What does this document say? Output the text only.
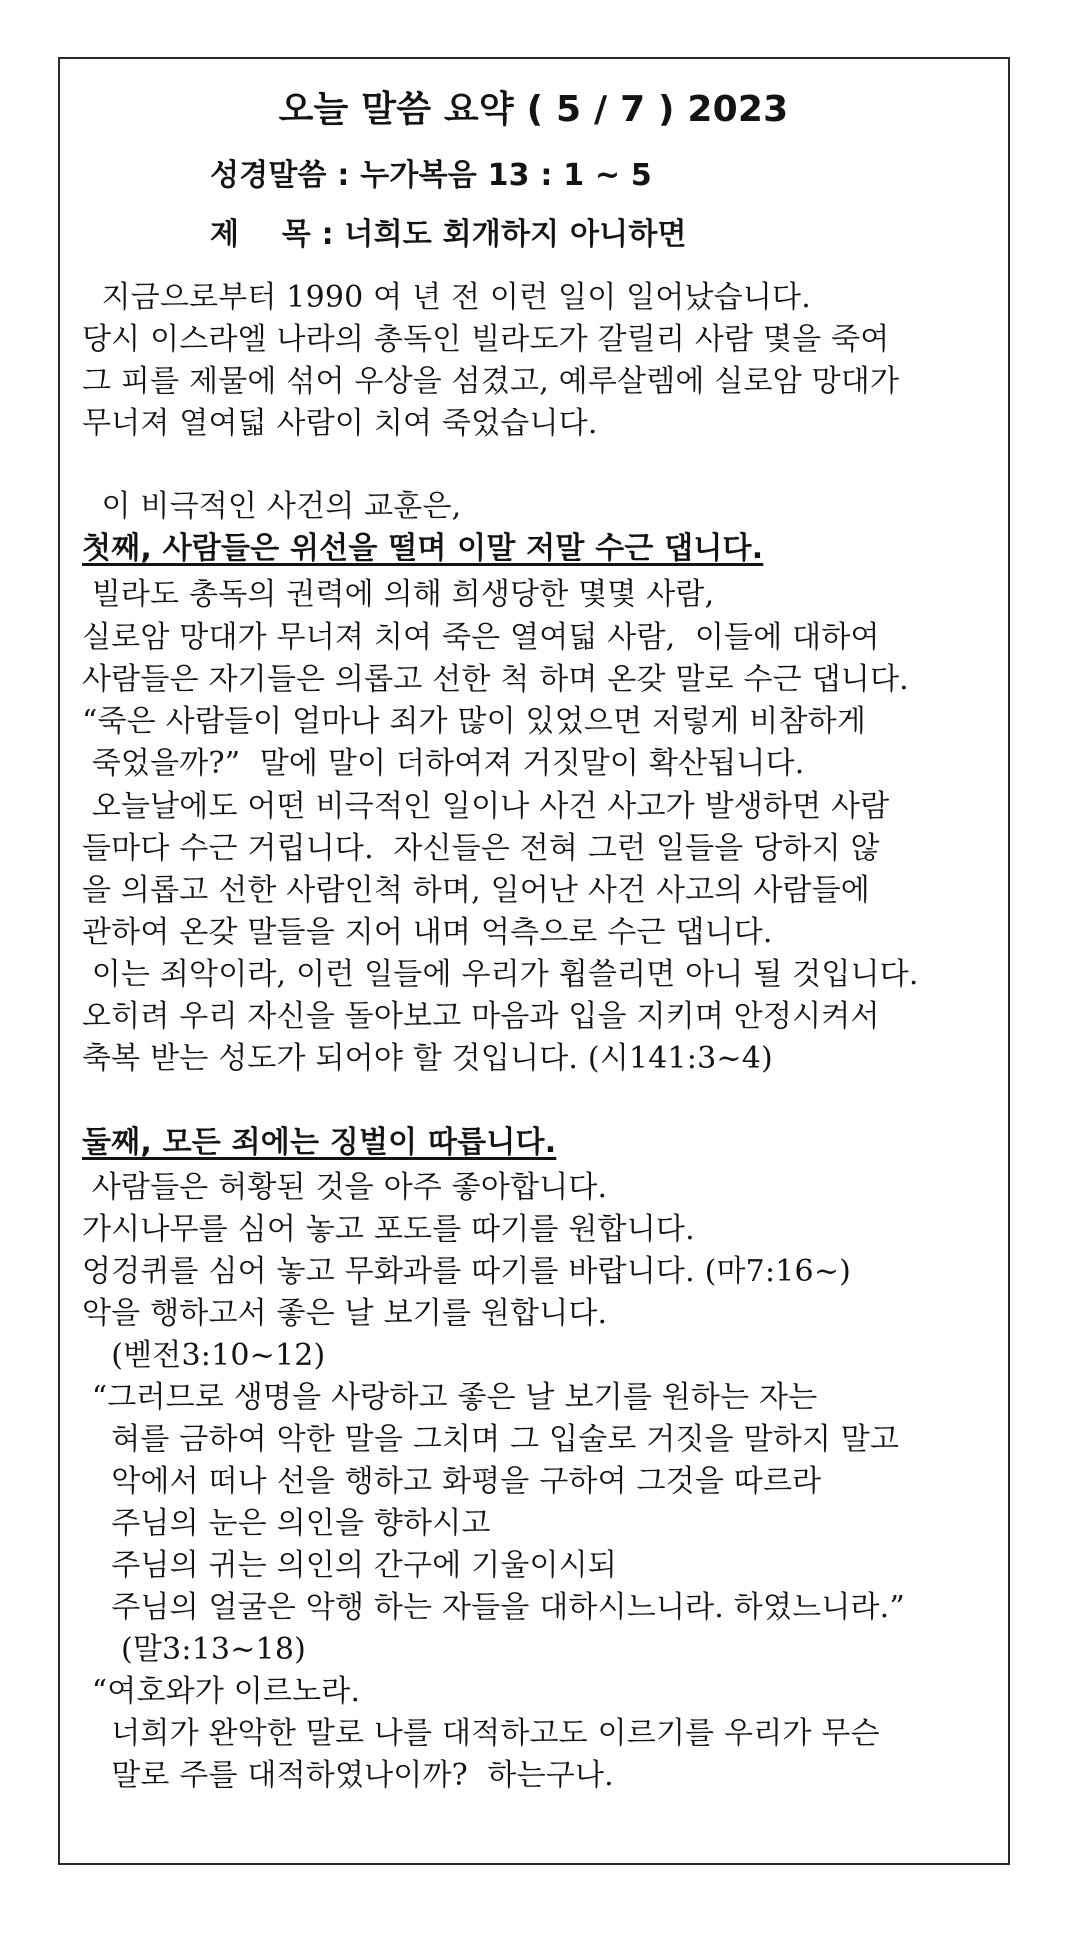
오늘 말씀 요약 ( 5 / 7 ) 2023
성경말씀 : 누가복음 13 : 1 ~ 5
제    목 : 너희도 회개하지 아니하면
지금으로부터 1990 여 년 전 이런 일이 일어났습니다.
당시 이스라엘 나라의 총독인 빌라도가 갈릴리 사람 몇을 죽여
그 피를 제물에 섞어 우상을 섬겼고, 예루살렘에 실로암 망대가
무너져 열여덟 사람이 치여 죽었습니다.
이 비극적인 사건의 교훈은,
첫째, 사람들은 위선을 떨며 이말 저말 수근 댑니다.
빌라도 총독의 권력에 의해 희생당한 몇몇 사람,
실로암 망대가 무너져 치여 죽은 열여덟 사람,  이들에 대하여
사람들은 자기들은 의롭고 선한 척 하며 온갖 말로 수근 댑니다.
“죽은 사람들이 얼마나 죄가 많이 있었으면 저렇게 비참하게
죽었을까?”  말에 말이 더하여져 거짓말이 확산됩니다.
오늘날에도 어떤 비극적인 일이나 사건 사고가 발생하면 사람
들마다 수근 거립니다.  자신들은 전혀 그런 일들을 당하지 않
을 의롭고 선한 사람인척 하며, 일어난 사건 사고의 사람들에
관하여 온갖 말들을 지어 내며 억측으로 수근 댑니다.
이는 죄악이라, 이런 일들에 우리가 휩쓸리면 아니 될 것입니다.
오히려 우리 자신을 돌아보고 마음과 입을 지키며 안정시켜서
축복 받는 성도가 되어야 할 것입니다. (시141:3~4)
둘째, 모든 죄에는 징벌이 따릅니다.
사람들은 허황된 것을 아주 좋아합니다.
가시나무를 심어 놓고 포도를 따기를 원합니다.
엉겅퀴를 심어 놓고 무화과를 따기를 바랍니다. (마7:16~)
악을 행하고서 좋은 날 보기를 원합니다.
(벧전3:10~12)
“그러므로 생명을 사랑하고 좋은 날 보기를 원하는 자는
혀를 금하여 악한 말을 그치며 그 입술로 거짓을 말하지 말고
악에서 떠나 선을 행하고 화평을 구하여 그것을 따르라
주님의 눈은 의인을 향하시고
주님의 귀는 의인의 간구에 기울이시되
주님의 얼굴은 악행 하는 자들을 대하시느니라. 하였느니라.”
(말3:13~18)
“여호와가 이르노라.
너희가 완악한 말로 나를 대적하고도 이르기를 우리가 무슨
말로 주를 대적하였나이까?  하는구나.
